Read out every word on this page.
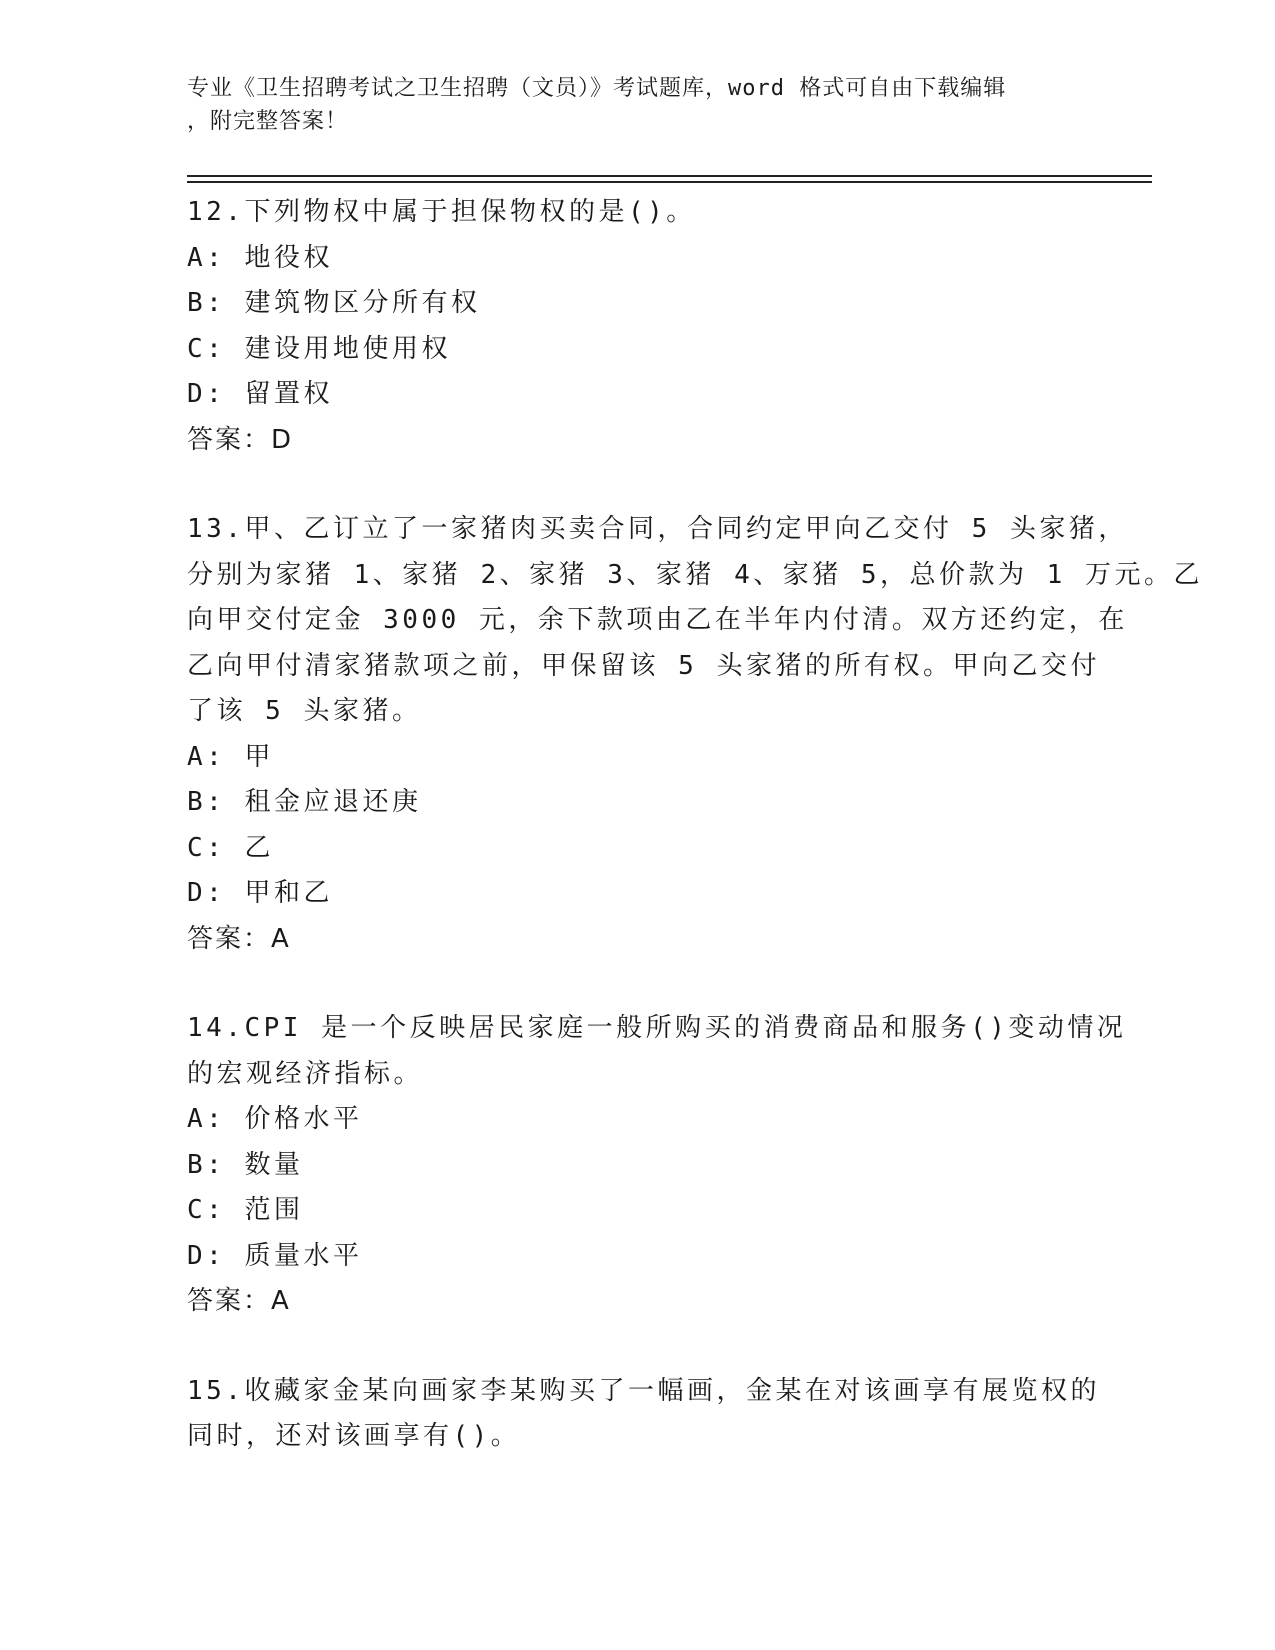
专业《卫生招聘考试之卫生招聘（文员）》考试题库，word 格式可自由下载编辑
，附完整答案！
12.下列物权中属于担保物权的是()。
A: 地役权
B: 建筑物区分所有权
C: 建设用地使用权
D: 留置权
答案：D
13.甲、乙订立了一家猪肉买卖合同，合同约定甲向乙交付 5 头家猪，
分别为家猪 1、家猪 2、家猪 3、家猪 4、家猪 5，总价款为 1 万元。乙
向甲交付定金 3000 元，余下款项由乙在半年内付清。双方还约定，在
乙向甲付清家猪款项之前，甲保留该 5 头家猪的所有权。甲向乙交付
了该 5 头家猪。
A: 甲
B: 租金应退还庚
C: 乙
D: 甲和乙
答案：A
14.CPI 是一个反映居民家庭一般所购买的消费商品和服务()变动情况
的宏观经济指标。
A: 价格水平
B: 数量
C: 范围
D: 质量水平
答案：A
15.收藏家金某向画家李某购买了一幅画，金某在对该画享有展览权的
同时，还对该画享有()。
